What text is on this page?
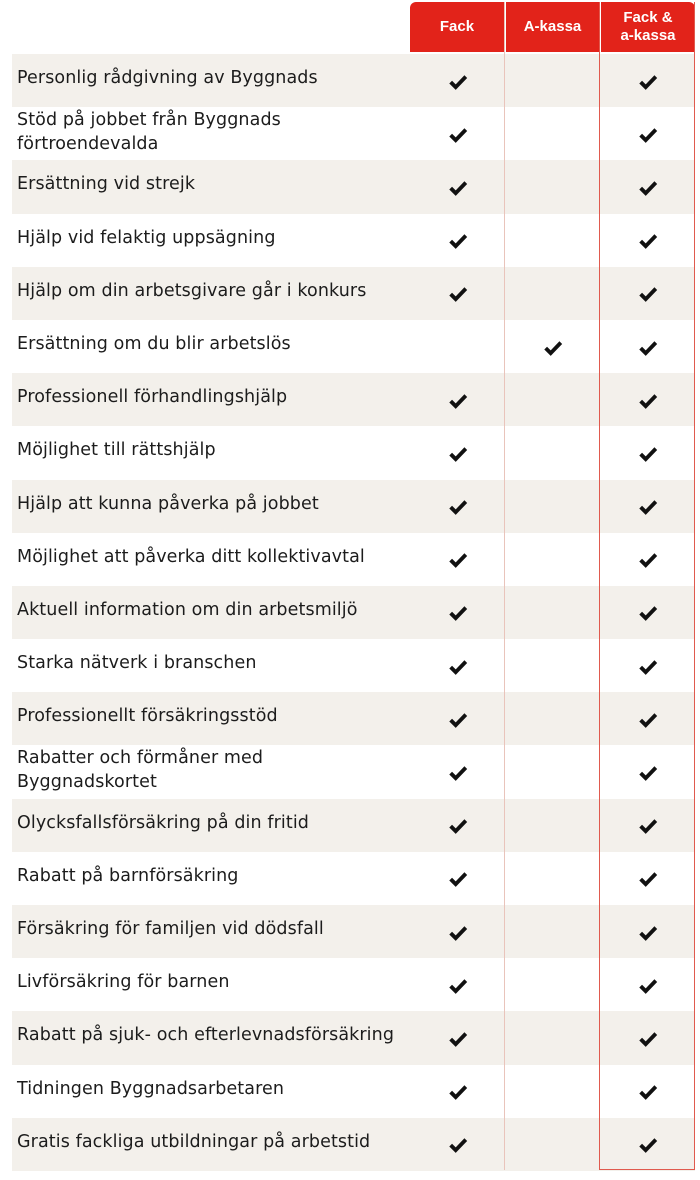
Fack	A-kassa
Fack &
a-kassa
Personlig rådgivning av Byggnads
Stöd på jobbet från Byggnads
förtroendevalda
Ersättning vid strejk
Hjälp vid felaktig uppsägning
Hjälp om din arbetsgivare går i konkurs
Ersättning om du blir arbetslös
Professionell förhandlingshjälp
Möjlighet till rättshjälp
Hjälp att kunna påverka på jobbet
Möjlighet att påverka ditt kollektivavtal
Aktuell information om din arbetsmiljö
Starka nätverk i branschen
Professionellt försäkringsstöd
Rabatter och förmåner med
Byggnadskortet
Olycksfallsförsäkring på din fritid
Rabatt på barnförsäkring
Försäkring för familjen vid dödsfall
Livförsäkring för barnen
Rabatt på sjuk- och efterlevnadsförsäkring
Tidningen Byggnadsarbetaren
Gratis fackliga utbildningar på arbetstid
